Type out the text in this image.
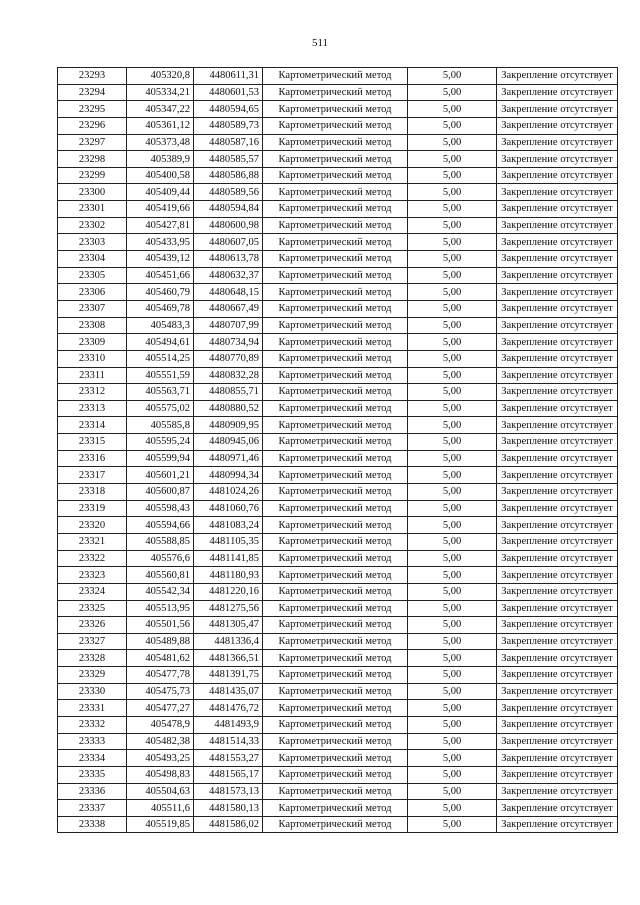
511
23293	405320,8	4480611,31	Картометрический метод	5,00	Закрепление отсутствует
23294	405334,21	4480601,53	Картометрический метод	5,00	Закрепление отсутствует
23295	405347,22	4480594,65	Картометрический метод	5,00	Закрепление отсутствует
23296	405361,12	4480589,73	Картометрический метод	5,00	Закрепление отсутствует
23297	405373,48	4480587,16	Картометрический метод	5,00	Закрепление отсутствует
23298	405389,9	4480585,57	Картометрический метод	5,00	Закрепление отсутствует
23299	405400,58	4480586,88	Картометрический метод	5,00	Закрепление отсутствует
23300	405409,44	4480589,56	Картометрический метод	5,00	Закрепление отсутствует
23301	405419,66	4480594,84	Картометрический метод	5,00	Закрепление отсутствует
23302	405427,81	4480600,98	Картометрический метод	5,00	Закрепление отсутствует
23303	405433,95	4480607,05	Картометрический метод	5,00	Закрепление отсутствует
23304	405439,12	4480613,78	Картометрический метод	5,00	Закрепление отсутствует
23305	405451,66	4480632,37	Картометрический метод	5,00	Закрепление отсутствует
23306	405460,79	4480648,15	Картометрический метод	5,00	Закрепление отсутствует
23307	405469,78	4480667,49	Картометрический метод	5,00	Закрепление отсутствует
23308	405483,3	4480707,99	Картометрический метод	5,00	Закрепление отсутствует
23309	405494,61	4480734,94	Картометрический метод	5,00	Закрепление отсутствует
23310	405514,25	4480770,89	Картометрический метод	5,00	Закрепление отсутствует
23311	405551,59	4480832,28	Картометрический метод	5,00	Закрепление отсутствует
23312	405563,71	4480855,71	Картометрический метод	5,00	Закрепление отсутствует
23313	405575,02	4480880,52	Картометрический метод	5,00	Закрепление отсутствует
23314	405585,8	4480909,95	Картометрический метод	5,00	Закрепление отсутствует
23315	405595,24	4480945,06	Картометрический метод	5,00	Закрепление отсутствует
23316	405599,94	4480971,46	Картометрический метод	5,00	Закрепление отсутствует
23317	405601,21	4480994,34	Картометрический метод	5,00	Закрепление отсутствует
23318	405600,87	4481024,26	Картометрический метод	5,00	Закрепление отсутствует
23319	405598,43	4481060,76	Картометрический метод	5,00	Закрепление отсутствует
23320	405594,66	4481083,24	Картометрический метод	5,00	Закрепление отсутствует
23321	405588,85	4481105,35	Картометрический метод	5,00	Закрепление отсутствует
23322	405576,6	4481141,85	Картометрический метод	5,00	Закрепление отсутствует
23323	405560,81	4481180,93	Картометрический метод	5,00	Закрепление отсутствует
23324	405542,34	4481220,16	Картометрический метод	5,00	Закрепление отсутствует
23325	405513,95	4481275,56	Картометрический метод	5,00	Закрепление отсутствует
23326	405501,56	4481305,47	Картометрический метод	5,00	Закрепление отсутствует
23327	405489,88	4481336,4	Картометрический метод	5,00	Закрепление отсутствует
23328	405481,62	4481366,51	Картометрический метод	5,00	Закрепление отсутствует
23329	405477,78	4481391,75	Картометрический метод	5,00	Закрепление отсутствует
23330	405475,73	4481435,07	Картометрический метод	5,00	Закрепление отсутствует
23331	405477,27	4481476,72	Картометрический метод	5,00	Закрепление отсутствует
23332	405478,9	4481493,9	Картометрический метод	5,00	Закрепление отсутствует
23333	405482,38	4481514,33	Картометрический метод	5,00	Закрепление отсутствует
23334	405493,25	4481553,27	Картометрический метод	5,00	Закрепление отсутствует
23335	405498,83	4481565,17	Картометрический метод	5,00	Закрепление отсутствует
23336	405504,63	4481573,13	Картометрический метод	5,00	Закрепление отсутствует
23337	405511,6	4481580,13	Картометрический метод	5,00	Закрепление отсутствует
23338	405519,85	4481586,02	Картометрический метод	5,00	Закрепление отсутствует
